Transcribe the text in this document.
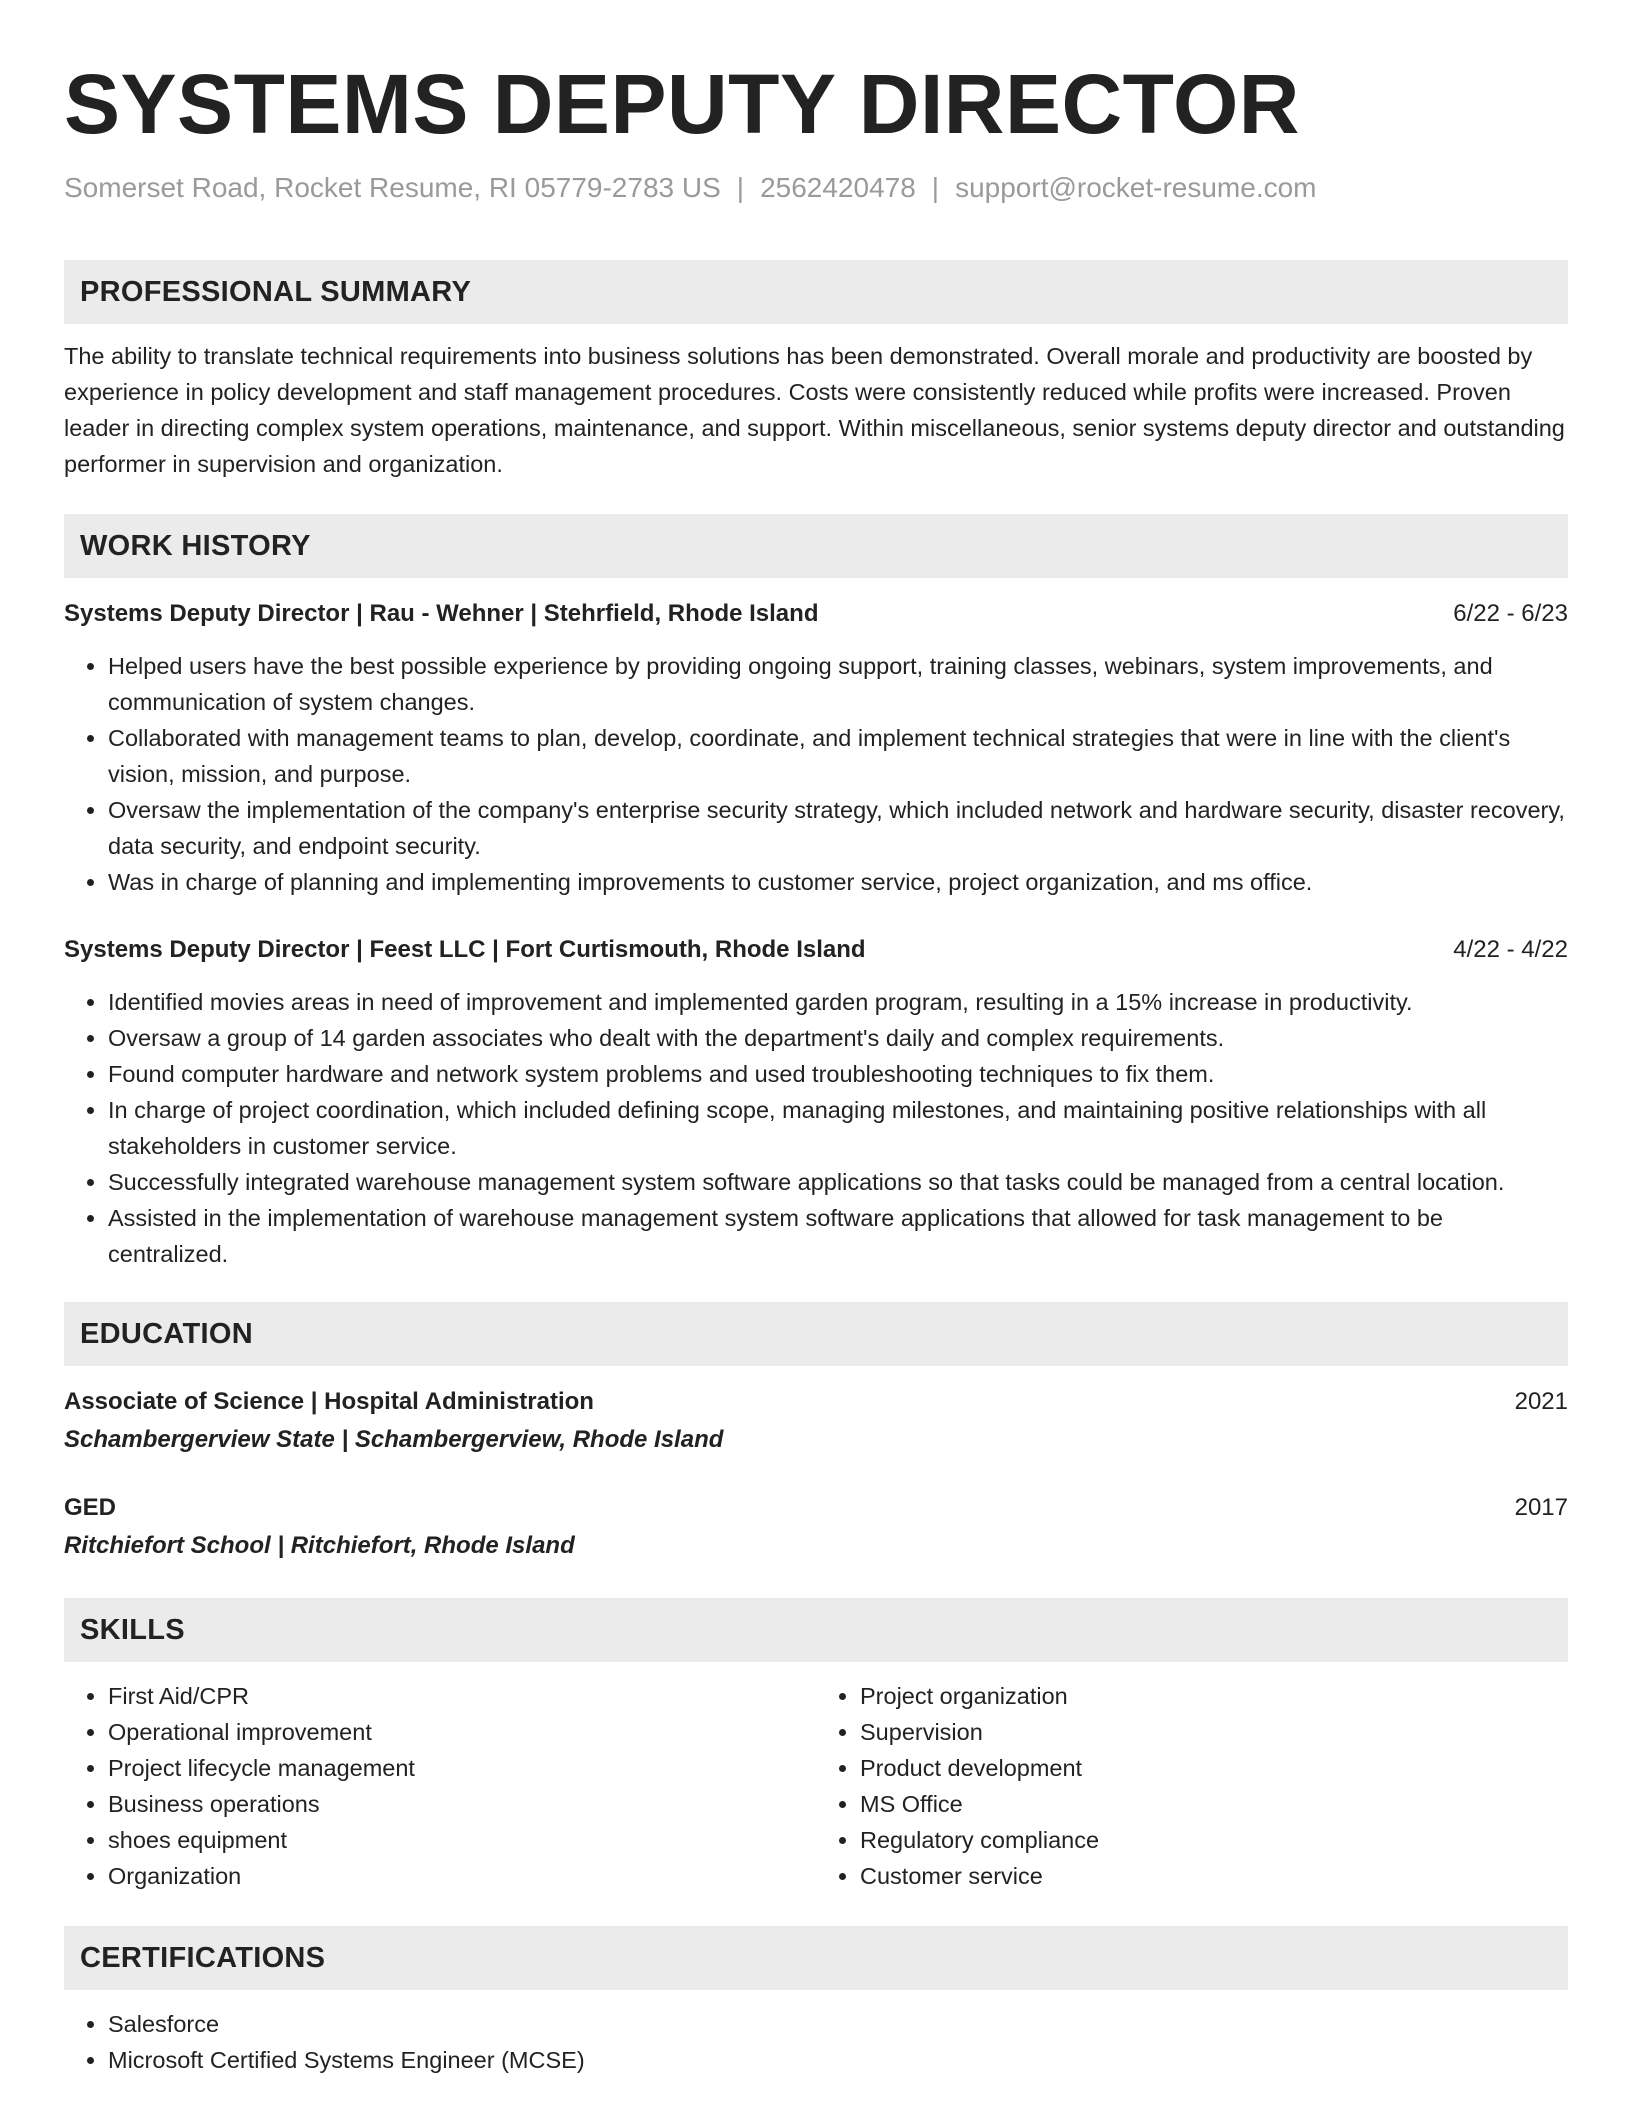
SYSTEMS DEPUTY DIRECTOR
Somerset Road, Rocket Resume, RI 05779-2783 US | 2562420478 | support@rocket-resume.com
PROFESSIONAL SUMMARY
The ability to translate technical requirements into business solutions has been demonstrated. Overall morale and productivity are boosted by experience in policy development and staff management procedures. Costs were consistently reduced while profits were increased. Proven leader in directing complex system operations, maintenance, and support. Within miscellaneous, senior systems deputy director and outstanding performer in supervision and organization.
WORK HISTORY
Systems Deputy Director | Rau - Wehner | Stehrfield, Rhode Island	6/22 - 6/23
• Helped users have the best possible experience by providing ongoing support, training classes, webinars, system improvements, and communication of system changes.
• Collaborated with management teams to plan, develop, coordinate, and implement technical strategies that were in line with the client's vision, mission, and purpose.
• Oversaw the implementation of the company's enterprise security strategy, which included network and hardware security, disaster recovery, data security, and endpoint security.
• Was in charge of planning and implementing improvements to customer service, project organization, and ms office.
Systems Deputy Director | Feest LLC | Fort Curtismouth, Rhode Island	4/22 - 4/22
• Identified movies areas in need of improvement and implemented garden program, resulting in a 15% increase in productivity.
• Oversaw a group of 14 garden associates who dealt with the department's daily and complex requirements.
• Found computer hardware and network system problems and used troubleshooting techniques to fix them.
• In charge of project coordination, which included defining scope, managing milestones, and maintaining positive relationships with all stakeholders in customer service.
• Successfully integrated warehouse management system software applications so that tasks could be managed from a central location.
• Assisted in the implementation of warehouse management system software applications that allowed for task management to be centralized.
EDUCATION
Associate of Science | Hospital Administration	2021
Schambergerview State | Schambergerview, Rhode Island
GED	2017
Ritchiefort School | Ritchiefort, Rhode Island
SKILLS
• First Aid/CPR
• Operational improvement
• Project lifecycle management
• Business operations
• shoes equipment
• Organization
• Project organization
• Supervision
• Product development
• MS Office
• Regulatory compliance
• Customer service
CERTIFICATIONS
• Salesforce
• Microsoft Certified Systems Engineer (MCSE)
